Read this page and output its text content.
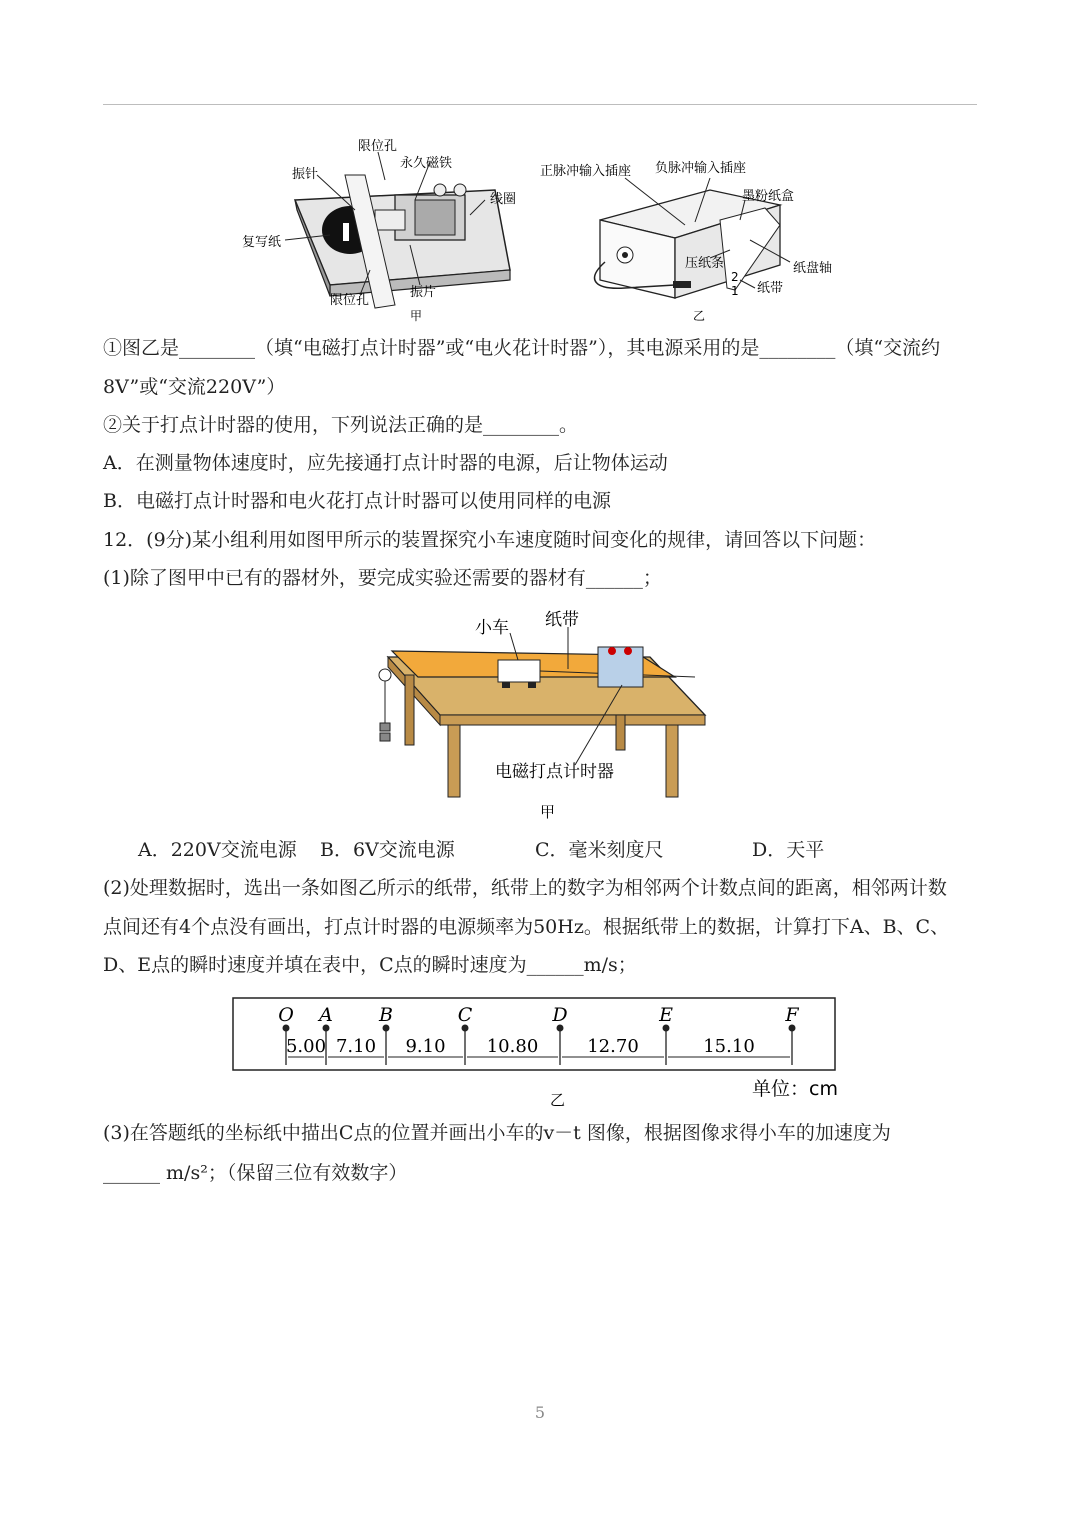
限位孔
永久磁铁
振针
线圈
复写纸
限位孔
振片
甲
正脉冲输入插座 负脉冲输入插座
墨粉纸盒
压纸条	纸盘轴
2
1 纸带
乙
①图乙是________（填“电磁打点计时器”或“电火花计时器”），其电源采用的是________（填“交流约
8V”或“交流220V”）
②关于打点计时器的使用，下列说法正确的是________。
A．在测量物体速度时，应先接通打点计时器的电源，后让物体运动
B．电磁打点计时器和电火花打点计时器可以使用同样的电源
12．(9分)某小组利用如图甲所示的装置探究小车速度随时间变化的规律，请回答以下问题：
(1)除了图甲中已有的器材外，要完成实验还需要的器材有______；
小车 纸带
电磁打点计时器
甲
A．220V交流电源 B．6V交流电源	C．毫米刻度尺	D．天平
(2)处理数据时，选出一条如图乙所示的纸带，纸带上的数字为相邻两个计数点间的距离，相邻两计数
点间还有4个点没有画出，打点计时器的电源频率为50Hz。根据纸带上的数据，计算打下A、B、C、
D、E点的瞬时速度并填在表中，C点的瞬时速度为______m/s；
O A B	C	D	E	F
5.00 7.10 9.10 10.80	12.70	15.10
单位：cm
乙
(3)在答题纸的坐标纸中描出C点的位置并画出小车的v－t 图像，根据图像求得小车的加速度为
______ m/s²；（保留三位有效数字）
5
